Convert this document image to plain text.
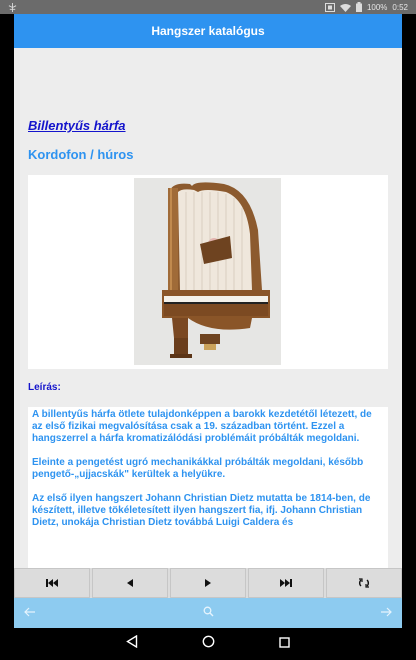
100% 0:52
Hangszer katalógus
Billentyűs hárfa
Kordofon / húros
Leírás:

A billentyűs hárfa ötlete tulajdonképpen a barokk kezdetétől létezett, de az első fizikai megvalósítása csak a 19. században történt. Ezzel a hangszerrel a hárfa kromatizálódási problémáit próbálták megoldani.

Eleinte a pengetést ugró mechanikákkal próbálták megoldani, később pengető-„ujjacskák" kerültek a helyükre.

Az első ilyen hangszert Johann Christian Dietz mutatta be 1814-ben, de készített, illetve tökéletesített ilyen hangszert fia, ifj. Johann Christian Dietz, unokája Christian Dietz továbbá Luigi Caldera és
